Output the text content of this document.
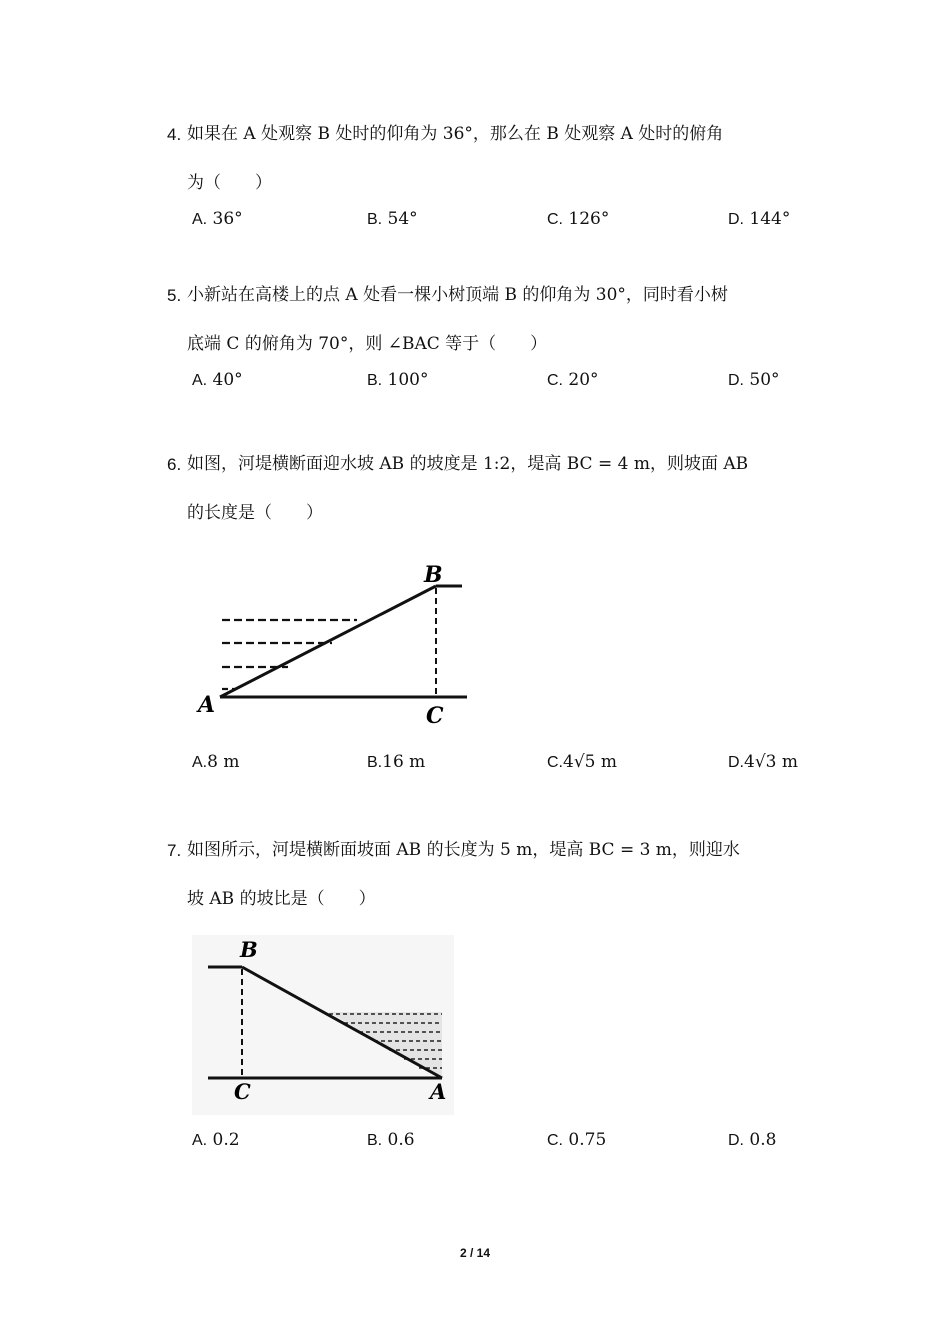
4. 如果在 A 处观察 B 处时的仰角为 36°，那么在 B 处观察 A 处时的俯角
为（　　）
A. 36°	B. 54°	C. 126°	D. 144°
5. 小新站在高楼上的点 A 处看一棵小树顶端 B 的仰角为 30°，同时看小树
底端 C 的俯角为 70°，则 ∠BAC 等于（　　）
A. 40°	B. 100°	C. 20°	D. 50°
6. 如图，河堤横断面迎水坡 AB 的坡度是 1:2，堤高 BC = 4 m，则坡面 AB
的长度是（　　）
B
A	C
A.8 m	B.16 m	C.4√5 m	D.4√3 m
7. 如图所示，河堤横断面坡面 AB 的长度为 5 m，堤高 BC = 3 m，则迎水
坡 AB 的坡比是（　　）
B
C	A
A. 0.2	B. 0.6	C. 0.75	D. 0.8
2 / 14
